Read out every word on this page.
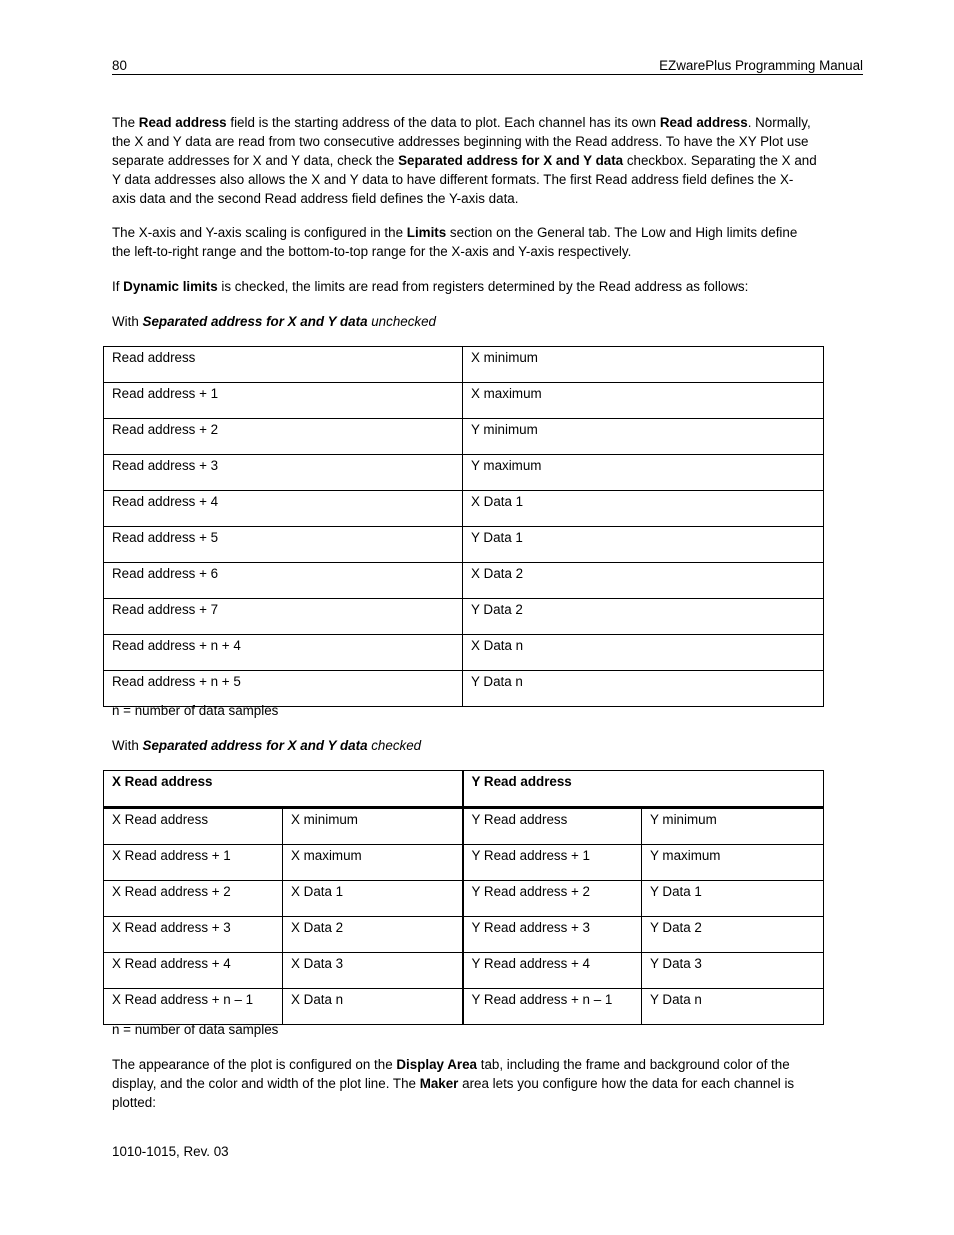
80	EZwarePlus Programming Manual

The Read address field is the starting address of the data to plot. Each channel has its own Read address. Normally, the X and Y data are read from two consecutive addresses beginning with the Read address. To have the XY Plot use separate addresses for X and Y data, check the Separated address for X and Y data checkbox. Separating the X and Y data addresses also allows the X and Y data to have different formats. The first Read address field defines the X-axis data and the second Read address field defines the Y-axis data.

The X-axis and Y-axis scaling is configured in the Limits section on the General tab. The Low and High limits define the left-to-right range and the bottom-to-top range for the X-axis and Y-axis respectively.

If Dynamic limits is checked, the limits are read from registers determined by the Read address as follows:

With Separated address for X and Y data unchecked

Read address	X minimum
Read address + 1	X maximum
Read address + 2	Y minimum
Read address + 3	Y maximum
Read address + 4	X Data 1
Read address + 5	Y Data 1
Read address + 6	X Data 2
Read address + 7	Y Data 2
Read address + n + 4	X Data n
Read address + n + 5	Y Data n
n = number of data samples

With Separated address for X and Y data checked

X Read address		Y Read address	
X Read address	X minimum	Y Read address	Y minimum
X Read address + 1	X maximum	Y Read address + 1	Y maximum
X Read address + 2	X Data 1	Y Read address + 2	Y Data 1
X Read address + 3	X Data 2	Y Read address + 3	Y Data 2
X Read address + 4	X Data 3	Y Read address + 4	Y Data 3
X Read address + n – 1	X Data n	Y Read address + n – 1	Y Data n
n = number of data samples

The appearance of the plot is configured on the Display Area tab, including the frame and background color of the display, and the color and width of the plot line. The Maker area lets you configure how the data for each channel is plotted:

1010-1015, Rev. 03
